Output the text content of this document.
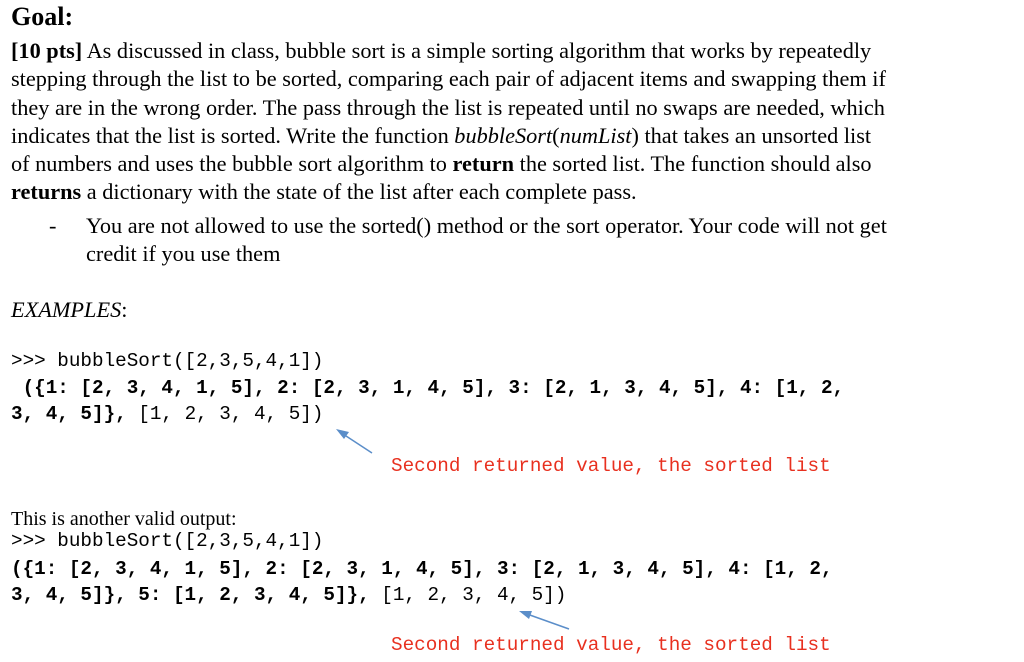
Goal:
[10 pts] As discussed in class, bubble sort is a simple sorting algorithm that works by repeatedly
stepping through the list to be sorted, comparing each pair of adjacent items and swapping them if
they are in the wrong order. The pass through the list is repeated until no swaps are needed, which
indicates that the list is sorted. Write the function bubbleSort(numList) that takes an unsorted list
of numbers and uses the bubble sort algorithm to return the sorted list. The function should also
returns a dictionary with the state of the list after each complete pass.
- You are not allowed to use the sorted() method or the sort operator. Your code will not get
credit if you use them
EXAMPLES:
>>> bubbleSort([2,3,5,4,1])
({1: [2, 3, 4, 1, 5], 2: [2, 3, 1, 4, 5], 3: [2, 1, 3, 4, 5], 4: [1, 2,
3, 4, 5]}, [1, 2, 3, 4, 5])
Second returned value, the sorted list
This is another valid output:
>>> bubbleSort([2,3,5,4,1])
({1: [2, 3, 4, 1, 5], 2: [2, 3, 1, 4, 5], 3: [2, 1, 3, 4, 5], 4: [1, 2,
3, 4, 5]}, 5: [1, 2, 3, 4, 5]}, [1, 2, 3, 4, 5])
Second returned value, the sorted list
